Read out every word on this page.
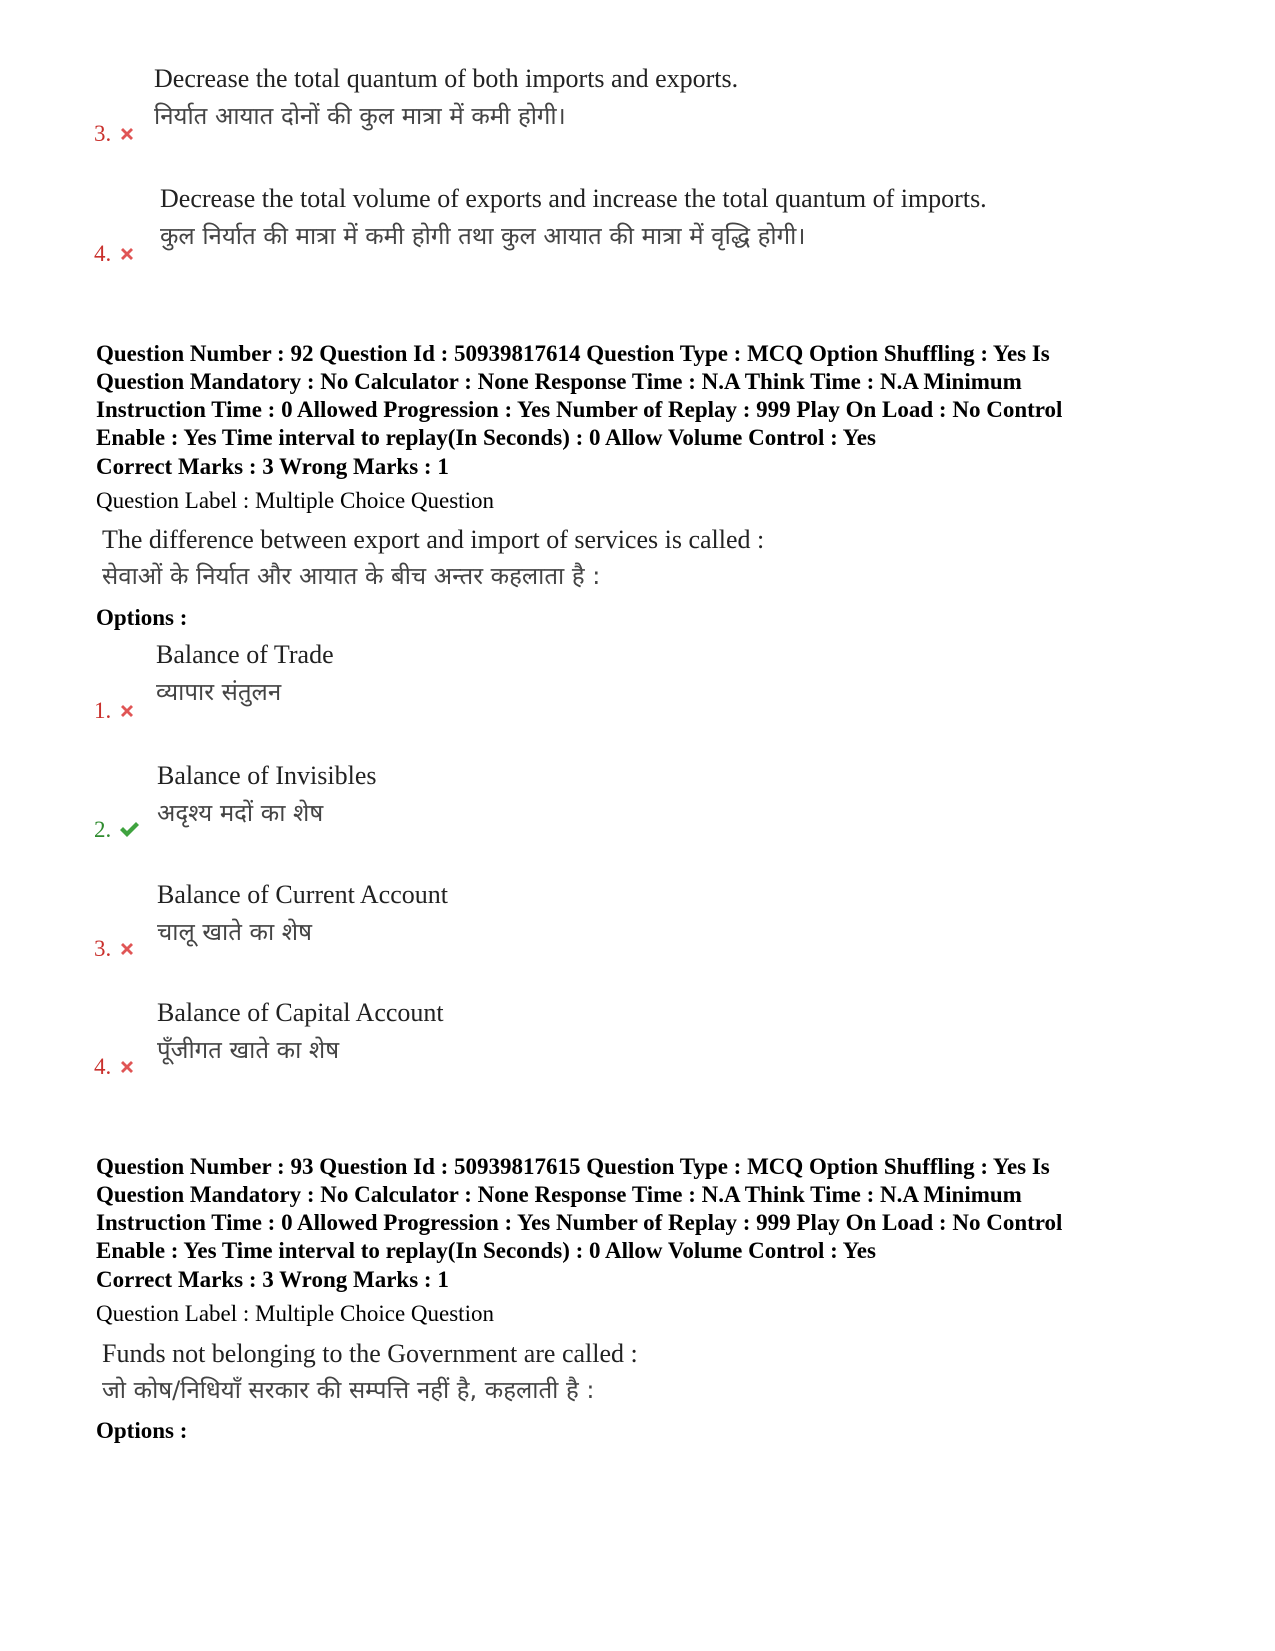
Decrease the total quantum of both imports and exports.
निर्यात आयात दोनों की कुल मात्रा में कमी होगी।
3.
Decrease the total volume of exports and increase the total quantum of imports.
कुल निर्यात की मात्रा में कमी होगी तथा कुल आयात की मात्रा में वृद्धि होगी।
4.

Question Number : 92 Question Id : 50939817614 Question Type : MCQ Option Shuffling : Yes Is

Question Mandatory : No Calculator : None Response Time : N.A Think Time : N.A Minimum

Instruction Time : 0 Allowed Progression : Yes Number of Replay : 999 Play On Load : No Control

Enable : Yes Time interval to replay(In Seconds) : 0 Allow Volume Control : Yes

Correct Marks : 3 Wrong Marks : 1
Question Label : Multiple Choice Question
The difference between export and import of services is called :
सेवाओं के निर्यात और आयात के बीच अन्तर कहलाता है :
Options :
Balance of Trade
व्यापार संतुलन
1.
Balance of Invisibles
अदृश्य मदों का शेष
2.
Balance of Current Account
चालू खाते का शेष
3.
Balance of Capital Account
पूँजीगत खाते का शेष
4.

Question Number : 93 Question Id : 50939817615 Question Type : MCQ Option Shuffling : Yes Is

Question Mandatory : No Calculator : None Response Time : N.A Think Time : N.A Minimum

Instruction Time : 0 Allowed Progression : Yes Number of Replay : 999 Play On Load : No Control

Enable : Yes Time interval to replay(In Seconds) : 0 Allow Volume Control : Yes

Correct Marks : 3 Wrong Marks : 1
Question Label : Multiple Choice Question
Funds not belonging to the Government are called :
जो कोष/निधियाँ सरकार की सम्पत्ति नहीं है, कहलाती है :
Options :
